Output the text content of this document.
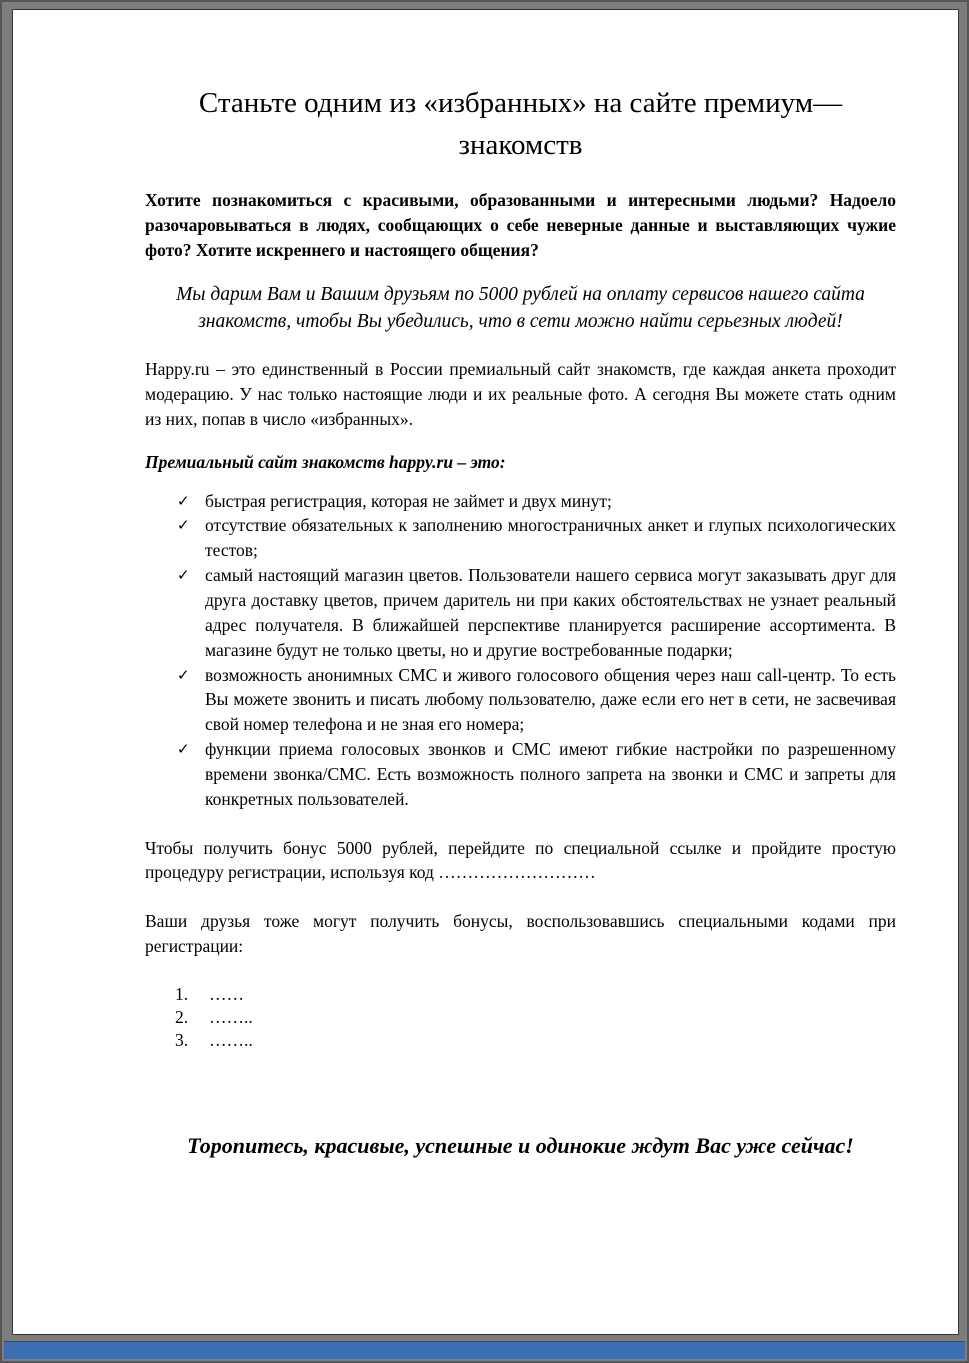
Станьте одним из «избранных» на сайте премиум—знакомств

Хотите познакомиться с красивыми, образованными и интересными людьми? Надоело разочаровываться в людях, сообщающих о себе неверные данные и выставляющих чужие фото? Хотите искреннего и настоящего общения?

Мы дарим Вам и Вашим друзьям по 5000 рублей на оплату сервисов нашего сайта знакомств, чтобы Вы убедились, что в сети можно найти серьезных людей!

Happy.ru – это единственный в России премиальный сайт знакомств, где каждая анкета проходит модерацию. У нас только настоящие люди и их реальные фото. А сегодня Вы можете стать одним из них, попав в число «избранных».

Премиальный сайт знакомств happy.ru – это:

✓ быстрая регистрация, которая не займет и двух минут;
✓ отсутствие обязательных к заполнению многостраничных анкет и глупых психологических тестов;
✓ самый настоящий магазин цветов. Пользователи нашего сервиса могут заказывать друг для друга доставку цветов, причем даритель ни при каких обстоятельствах не узнает реальный адрес получателя. В ближайшей перспективе планируется расширение ассортимента. В магазине будут не только цветы, но и другие востребованные подарки;
✓ возможность анонимных СМС и живого голосового общения через наш call-центр. То есть Вы можете звонить и писать любому пользователю, даже если его нет в сети, не засвечивая свой номер телефона и не зная его номера;
✓ функции приема голосовых звонков и СМС имеют гибкие настройки по разрешенному времени звонка/СМС. Есть возможность полного запрета на звонки и СМС и запреты для конкретных пользователей.

Чтобы получить бонус 5000 рублей, перейдите по специальной ссылке и пройдите простую процедуру регистрации, используя код ………………………

Ваши друзья тоже могут получить бонусы, воспользовавшись специальными кодами при регистрации:

1. ……
2. ……..
3. ……..

Торопитесь, красивые, успешные и одинокие ждут Вас уже сейчас!
